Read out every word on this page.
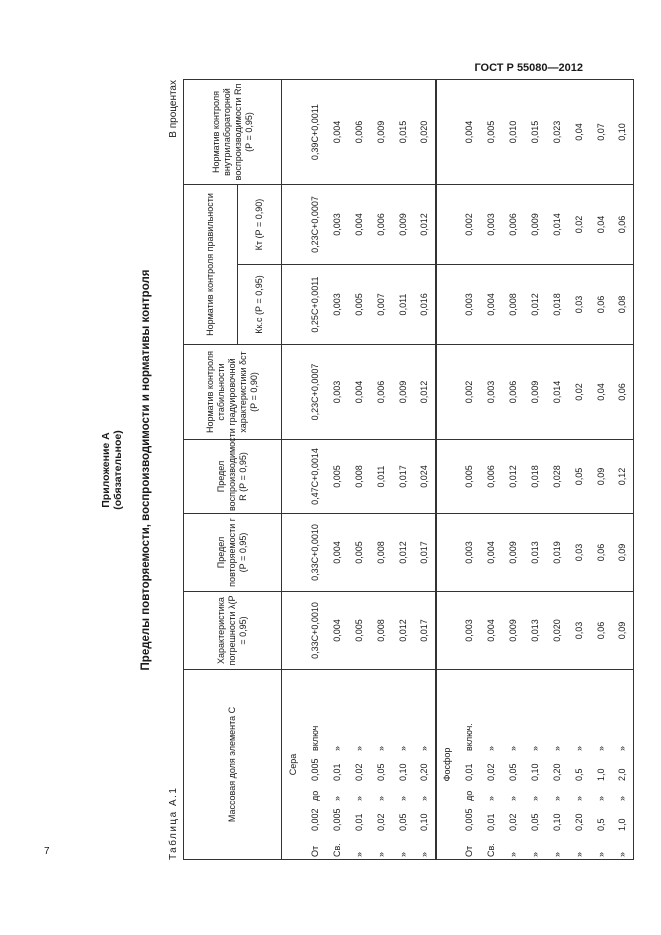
ГОСТ Р 55080—2012
7
Приложение А (обязательное) Пределы повторяемости, воспроизводимости и нормативы контроля
Таблица А.1
В процентах
Массовая доля элемента С	Характеристика погрешности λ(Р = 0,95)	Предел повторяемости r (Р = 0,95)	Предел воспроизводимости R (Р = 0,95)	Норматив контроля стабильности градуировочной характеристики δст (Р = 0,90)	Норматив контроля правильности		Норматив контроля внутрилабораторной воспроизводимости Rп (Р = 0,95)
					Кк.с (Р = 0,95)	Кт (Р = 0,90)	
Сера							
От0,002до0,005включ	0,33С+0,0010	0,33С+0,0010	0,47С+0,0014	0,23С+0,0007	0,25С+0,0011	0,23С+0,0007	0,39С+0,0011
Св.0,005»0,01»	0,004	0,004	0,005	0,003	0,003	0,003	0,004
»0,01»0,02»	0,005	0,005	0,008	0,004	0,005	0,004	0,006
»0,02»0,05»	0,008	0,008	0,011	0,006	0,007	0,006	0,009
»0,05»0,10»	0,012	0,012	0,017	0,009	0,011	0,009	0,015
»0,10»0,20»	0,017	0,017	0,024	0,012	0,016	0,012	0,020
Фосфор							
От0,005до0,01включ.	0,003	0,003	0,005	0,002	0,003	0,002	0,004
Св.0,01»0,02»	0,004	0,004	0,006	0,003	0,004	0,003	0,005
»0,02»0,05»	0,009	0,009	0,012	0,006	0,008	0,006	0,010
»0,05»0,10»	0,013	0,013	0,018	0,009	0,012	0,009	0,015
»0,10»0,20»	0,020	0,019	0,028	0,014	0,018	0,014	0,023
»0,20»0,5»	0,03	0,03	0,05	0,02	0,03	0,02	0,04
»0,5»1,0»	0,06	0,06	0,09	0,04	0,06	0,04	0,07
»1,0»2,0»	0,09	0,09	0,12	0,06	0,08	0,06	0,10
